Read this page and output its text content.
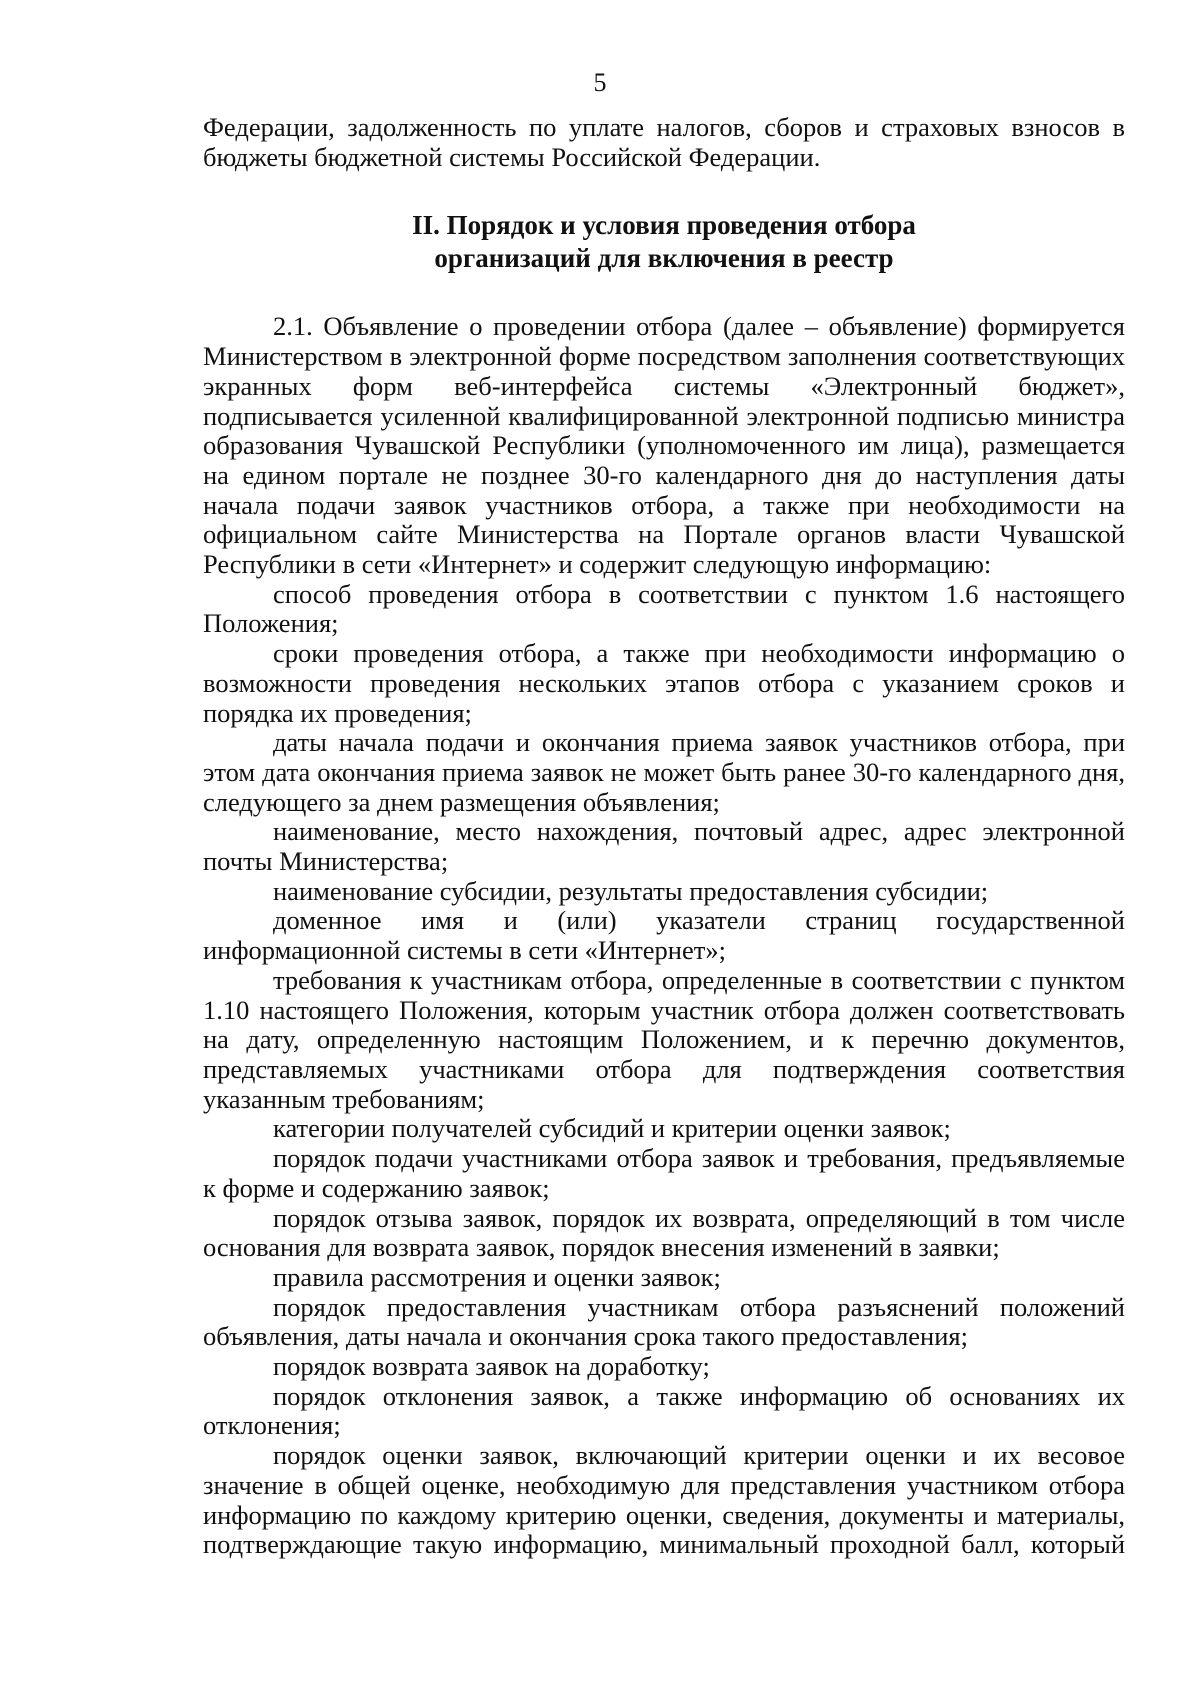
5

Федерации, задолженность по уплате налогов, сборов и страховых взносов в бюджеты бюджетной системы Российской Федерации.

II. Порядок и условия проведения отбора
организаций для включения в реестр

2.1. Объявление о проведении отбора (далее – объявление) формируется Министерством в электронной форме посредством заполнения соответствующих экранных форм веб-интерфейса системы «Электронный бюджет», подписывается усиленной квалифицированной электронной подписью министра образования Чувашской Республики (уполномоченного им лица), размещается на едином портале не позднее 30-го календарного дня до наступления даты начала подачи заявок участников отбора, а также при необходимости на официальном сайте Министерства на Портале органов власти Чувашской Республики в сети «Интернет» и содержит следующую информацию:

способ проведения отбора в соответствии с пунктом 1.6 настоящего Положения;

сроки проведения отбора, а также при необходимости информацию о возможности проведения нескольких этапов отбора с указанием сроков и порядка их проведения;

даты начала подачи и окончания приема заявок участников отбора, при этом дата окончания приема заявок не может быть ранее 30-го календарного дня, следующего за днем размещения объявления;

наименование, место нахождения, почтовый адрес, адрес электронной почты Министерства;

наименование субсидии, результаты предоставления субсидии;

доменное имя и (или) указатели страниц государственной информационной системы в сети «Интернет»;

требования к участникам отбора, определенные в соответствии с пунктом 1.10 настоящего Положения, которым участник отбора должен соответствовать на дату, определенную настоящим Положением, и к перечню документов, представляемых участниками отбора для подтверждения соответствия указанным требованиям;

категории получателей субсидий и критерии оценки заявок;

порядок подачи участниками отбора заявок и требования, предъявляемые к форме и содержанию заявок;

порядок отзыва заявок, порядок их возврата, определяющий в том числе основания для возврата заявок, порядок внесения изменений в заявки;

правила рассмотрения и оценки заявок;

порядок предоставления участникам отбора разъяснений положений объявления, даты начала и окончания срока такого предоставления;

порядок возврата заявок на доработку;

порядок отклонения заявок, а также информацию об основаниях их отклонения;

порядок оценки заявок, включающий критерии оценки и их весовое значение в общей оценке, необходимую для представления участником отбора информацию по каждому критерию оценки, сведения, документы и материалы, подтверждающие такую информацию, минимальный проходной балл, который
